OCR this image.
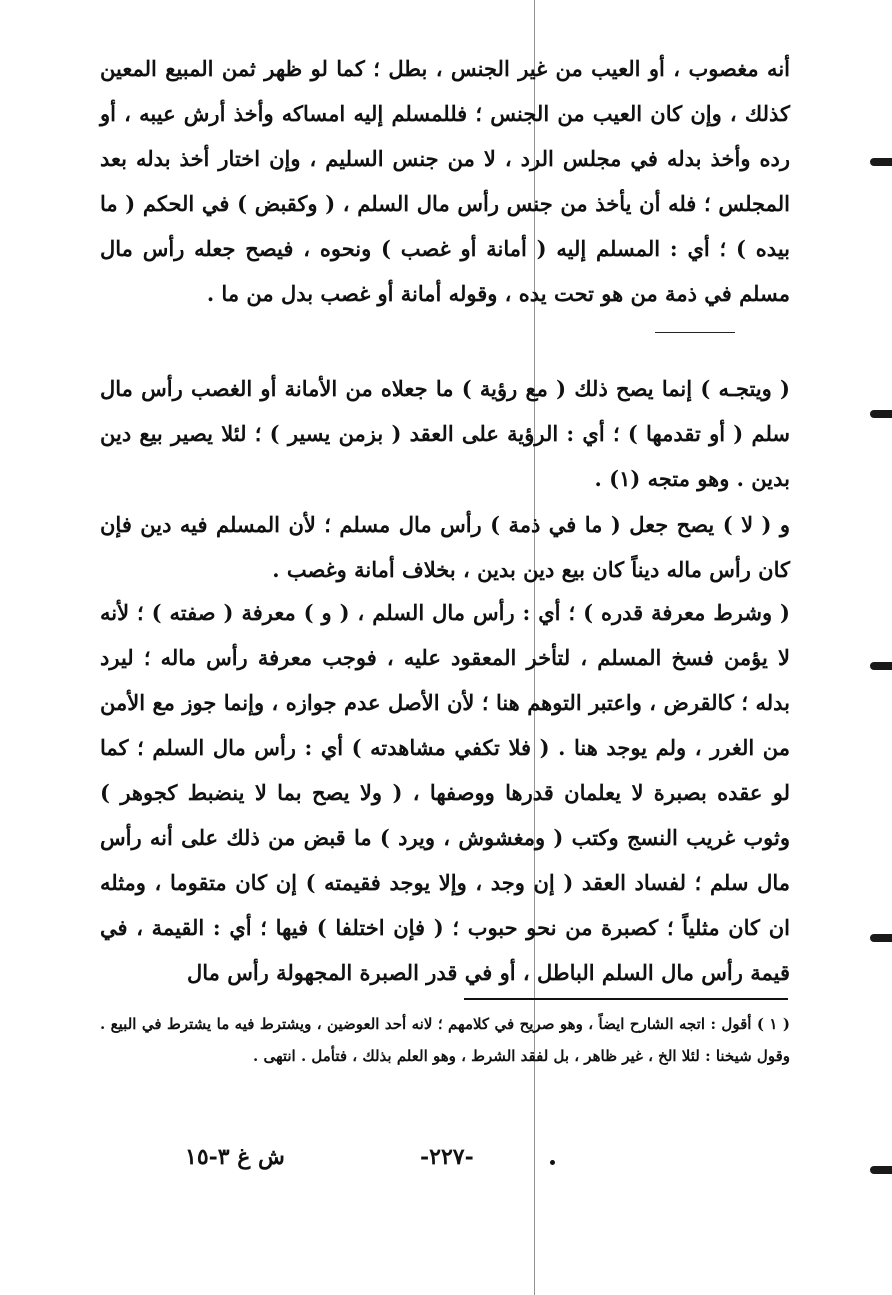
أنه مغصوب ، أو العيب من غير الجنس ، بطل ؛ كما لو ظهر ثمن المبيع المعين كذلك ، وإن كان العيب من الجنس ؛ فللمسلم إليه امساكه وأخذ أرش عيبه ، أو رده وأخذ بدله في مجلس الرد ، لا من جنس السليم ، وإن اختار أخذ بدله بعد المجلس ؛ فله أن يأخذ من جنس رأس مال السلم ، ( وكقبض ) في الحكم ( ما بيده ) ؛ أي : المسلم إليه ( أمانة أو غصب ) ونحوه ، فيصح جعله رأس مال مسلم في ذمة من هو تحت يده ، وقوله أمانة أو غصب بدل من ما .

( ويتجـه ) إنما يصح ذلك ( مع رؤية ) ما جعلاه من الأمانة أو الغصب رأس مال سلم ( أو تقدمها ) ؛ أي : الرؤية على العقد ( بزمن يسير ) ؛ لئلا يصير بيع دين بدين . وهو متجه (١) .

و ( لا ) يصح جعل ( ما في ذمة ) رأس مال مسلم ؛ لأن المسلم فيه دين فإن كان رأس ماله ديناً كان بيع دين بدين ، بخلاف أمانة وغصب .

( وشرط معرفة قدره ) ؛ أي : رأس مال السلم ، ( و ) معرفة ( صفته ) ؛ لأنه لا يؤمن فسخ المسلم ، لتأخر المعقود عليه ، فوجب معرفة رأس ماله ؛ ليرد بدله ؛ كالقرض ، واعتبر التوهم هنا ؛ لأن الأصل عدم جوازه ، وإنما جوز مع الأمن من الغرر ، ولم يوجد هنا . ( فلا تكفي مشاهدته ) أي : رأس مال السلم ؛ كما لو عقده بصبرة لا يعلمان قدرها ووصفها ، ( ولا يصح بما لا ينضبط كجوهر ) وثوب غريب النسج وكتب ( ومغشوش ، ويرد ) ما قبض من ذلك على أنه رأس مال سلم ؛ لفساد العقد ( إن وجد ، وإلا يوجد فقيمته ) إن كان متقوما ، ومثله ان كان مثلياً ؛ كصبرة من نحو حبوب ؛ ( فإن اختلفا ) فيها ؛ أي : القيمة ، في قيمة رأس مال السلم الباطل ، أو في قدر الصبرة المجهولة رأس مال

( ١ ) أقول : اتجه الشارح ايضاً ، وهو صريح في كلامهم ؛ لانه أحد العوضين ، ويشترط فيه ما يشترط في البيع . وقول شيخنا : لئلا الخ ، غير ظاهر ، بل لفقد الشرط ، وهو العلم بذلك ، فتأمل . انتهى .

ش غ ٣-١٥	-٢٢٧-
